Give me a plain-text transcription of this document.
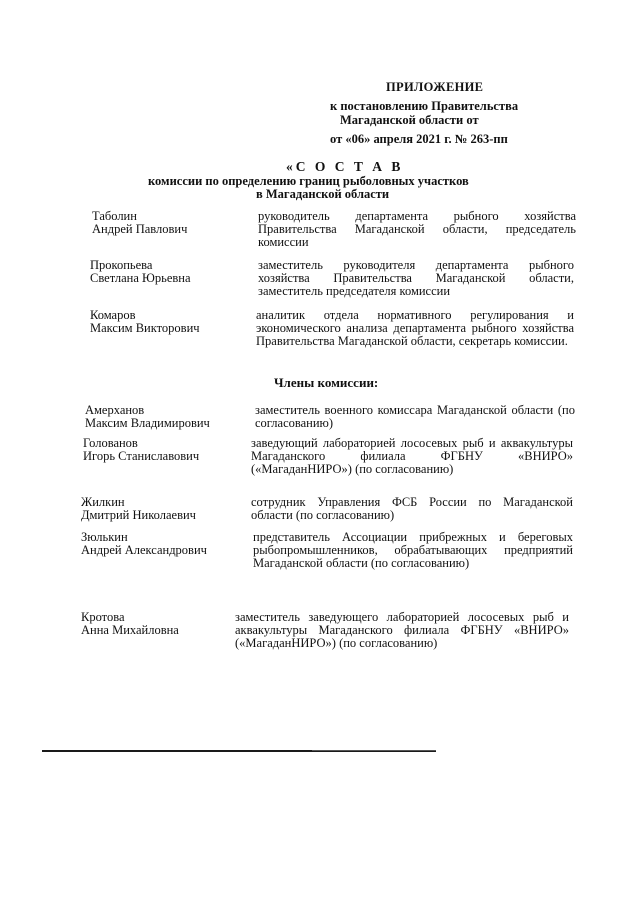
ПРИЛОЖЕНИЕ
к постановлению Правительства
Магаданской области от
от «06» апреля 2021 г. № 263-пп
«С О С Т А В
комиссии по определению границ рыболовных участков
в Магаданской области
Таболин
Андрей Павлович
руководитель департамента рыбного хозяйства Правительства Магаданской области, председатель комиссии
Прокопьева
Светлана Юрьевна
заместитель руководителя департамента рыбного хозяйства Правительства Магаданской области, заместитель председателя комиссии
Комаров
Максим Викторович
аналитик отдела нормативного регулирования и экономического анализа департамента рыбного хозяйства Правительства Магаданской области, секретарь комиссии.
Члены комиссии:
Амерханов
Максим Владимирович
заместитель военного комиссара Магаданской области (по согласованию)
Голованов
Игорь Станиславович
заведующий лабораторией лососевых рыб и аквакультуры Магаданского филиала ФГБНУ «ВНИРО» («МагаданНИРО») (по согласованию)
Жилкин
Дмитрий Николаевич
сотрудник Управления ФСБ России по Магаданской области (по согласованию)
Зюлькин
Андрей Александрович
представитель Ассоциации прибрежных и береговых рыбопромышленников, обрабатывающих предприятий Магаданской области (по согласованию)
Кротова
Анна Михайловна
заместитель заведующего лабораторией лососевых рыб и аквакультуры Магаданского филиала ФГБНУ «ВНИРО» («МагаданНИРО») (по согласованию)
